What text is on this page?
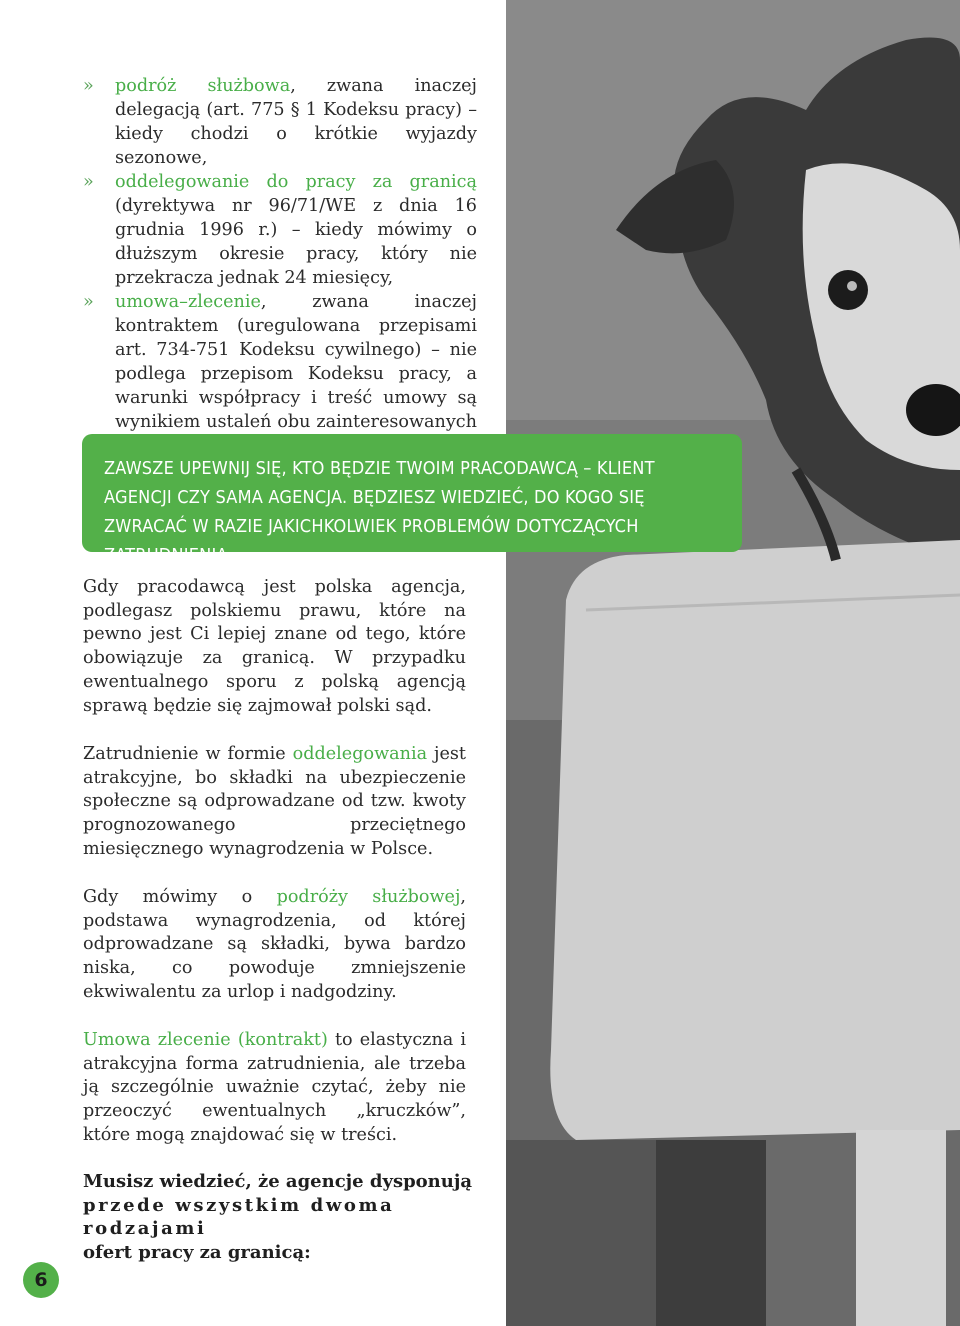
»	podróż służbowa, zwana inaczej delegacją (art. 775 § 1 Kodeksu pracy) – kiedy chodzi o krótkie wyjazdy sezonowe,
»	oddelegowanie do pracy za granicą (dyrektywa nr 96/71/WE z dnia 16 grudnia 1996 r.) – kiedy mówimy o dłuższym okresie pracy, który nie przekracza jednak 24 miesięcy,
»	umowa–zlecenie, zwana inaczej kontraktem (uregulowana przepisami art. 734-751 Kodeksu cywilnego) – nie podlega przepisom Kodeksu pracy, a warunki współpracy i treść umowy są wynikiem ustaleń obu zainteresowanych

ZAWSZE UPEWNIJ SIĘ, KTO BĘDZIE TWOIM PRACODAWCĄ – KLIENT AGENCJI CZY SAMA AGENCJA. BĘDZIESZ WIEDZIEĆ, DO KOGO SIĘ ZWRACAĆ W RAZIE JAKICHKOLWIEK PROBLEMÓW DOTYCZĄCYCH ZATRUDNIENIA.

Gdy pracodawcą jest polska agencja, podlegasz polskiemu prawu, które na pewno jest Ci lepiej znane od tego, które obowiązuje za granicą. W przypadku ewentualnego sporu z polską agencją sprawą będzie się zajmował polski sąd.

Zatrudnienie w formie oddelegowania jest atrakcyjne, bo składki na ubezpieczenie społeczne są odprowadzane od tzw. kwoty prognozowanego przeciętnego miesięcznego wynagrodzenia w Polsce.

Gdy mówimy o podróży służbowej, podstawa wynagrodzenia, od której odprowadzane są składki, bywa bardzo niska, co powoduje zmniejszenie ekwiwalentu za urlop i nadgodziny.

Umowa zlecenie (kontrakt) to elastyczna i atrakcyjna forma zatrudnienia, ale trzeba ją szczególnie uważnie czytać, żeby nie przeoczyć ewentualnych „kruczków”, które mogą znajdować się w treści.

Musisz wiedzieć, że agencje dysponują
przede wszystkim dwoma rodzajami
ofert pracy za granicą:
6
